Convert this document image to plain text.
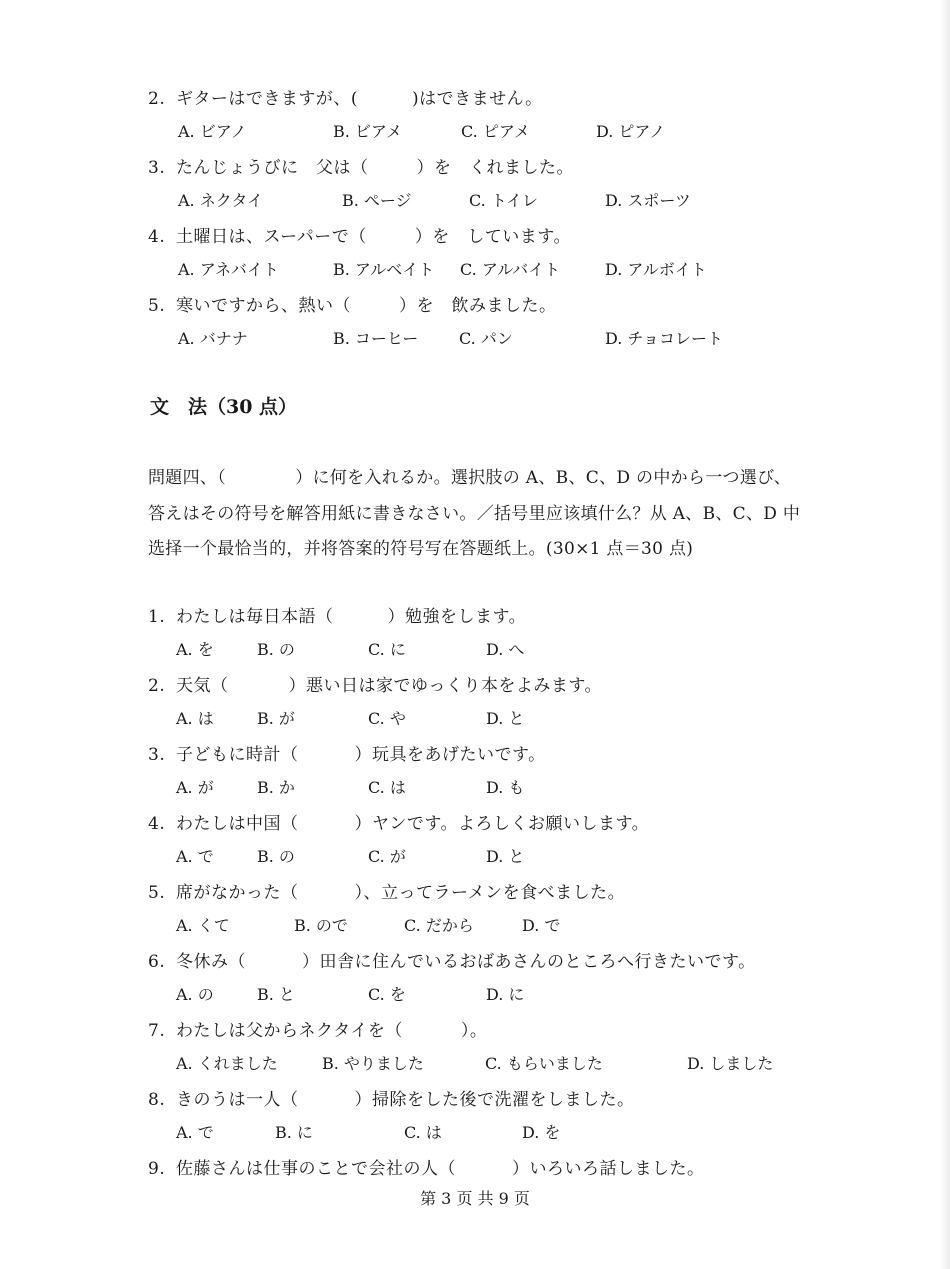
2. ギターはできますが、(	)はできません。
A. ビアノ	B. ビアメ	C. ピアメ	D. ピアノ
3. たんじょうびに　父は（	）を　くれました。
A. ネクタイ	B. ページ	C. トイレ	D. スポーツ
4. 土曜日は、スーパーで（	）を　しています。
A. アネバイト	B. アルベイト C. アルバイト	D. アルボイト
5. 寒いですから、熱い（	）を　飲みました。
A. バナナ	B. コーヒー	C. パン	D. チョコレート
文　法（30 点）
問題四、（　　　　）に何を入れるか。選択肢の A、B、C、D の中から一つ選び、
答えはその符号を解答用紙に書きなさい。／括号里应该填什么？从 A、B、C、D 中
选择一个最恰当的，并将答案的符号写在答题纸上。(30×1 点＝30 点)
1. わたしは毎日本語（	）勉強をします。
A. を	B. の	C. に	D. へ
2. 天気（	）悪い日は家でゆっくり本をよみます。
A. は	B. が	C. や	D. と
3. 子どもに時計（	）玩具をあげたいです。
A. が	B. か	C. は	D. も
4. わたしは中国（	）ヤンです。よろしくお願いします。
A. で	B. の	C. が	D. と
5. 席がなかった（	）、立ってラーメンを食べました。
A. くて	B. ので	C. だから	D. で
6. 冬休み（	）田舎に住んでいるおばあさんのところへ行きたいです。
A. の	B. と	C. を	D. に
7. わたしは父からネクタイを（	）。
A. くれました	B. やりました	C. もらいました	D. しました
8. きのうは一人（	）掃除をした後で洗濯をしました。
A. で	B. に	C. は	D. を
9. 佐藤さんは仕事のことで会社の人（	）いろいろ話しました。
第 3 页 共 9 页
